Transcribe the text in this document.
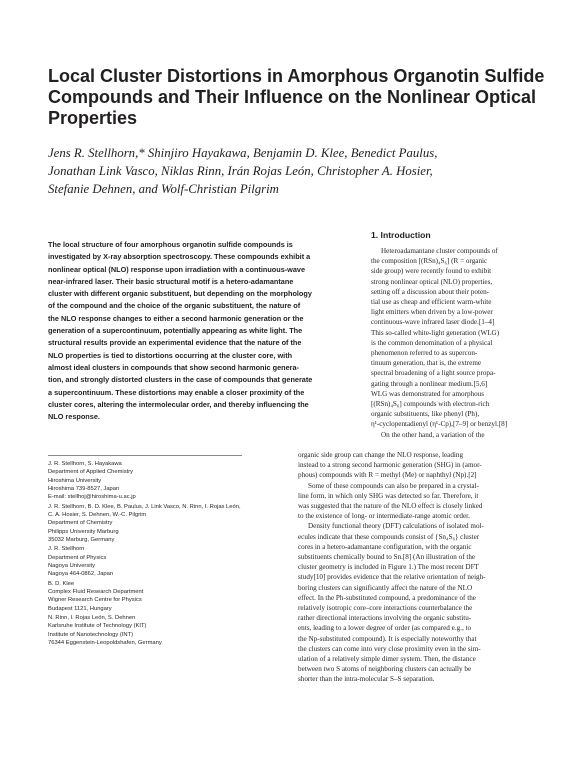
Local Cluster Distortions in Amorphous Organotin Sulfide
Compounds and Their Influence on the Nonlinear Optical
Properties
Jens R. Stellhorn,* Shinjiro Hayakawa, Benjamin D. Klee, Benedict Paulus,
Jonathan Link Vasco, Niklas Rinn, Irán Rojas León, Christopher A. Hosier,
Stefanie Dehnen, and Wolf-Christian Pilgrim
The local structure of four amorphous organotin sulfide compounds is
investigated by X-ray absorption spectroscopy. These compounds exhibit a
nonlinear optical (NLO) response upon irradiation with a continuous-wave
near-infrared laser. Their basic structural motif is a hetero-adamantane
cluster with different organic substituent, but depending on the morphology
of the compound and the choice of the organic substituent, the nature of
the NLO response changes to either a second harmonic generation or the
generation of a supercontinuum, potentially appearing as white light. The
structural results provide an experimental evidence that the nature of the
NLO properties is tied to distortions occurring at the cluster core, with
almost ideal clusters in compounds that show second harmonic genera-
tion, and strongly distorted clusters in the case of compounds that generate
a supercontinuum. These distortions may enable a closer proximity of the
cluster cores, altering the intermolecular order, and thereby influencing the
NLO response.
J. R. Stellhorn, S. Hayakawa
Department of Applied Chemistry
Hiroshima University
Hiroshima 739-8527, Japan
E-mail: stellhoj@hiroshima-u.ac.jp
J. R. Stellhorn, B. D. Klee, B. Paulus, J. Link Vasco, N. Rinn, I. Rojas León,
C. A. Hosier, S. Dehnen, W.-C. Pilgrim
Department of Chemistry
Philipps University Marburg
35032 Marburg, Germany
J. R. Stellhorn
Department of Physics
Nagoya University
Nagoya 464-0862, Japan
B. D. Klee
Complex Fluid Research Department
Wigner Research Centre for Physics
Budapest 1121, Hungary
N. Rinn, I. Rojas León, S. Dehnen
Karlsruhe Institute of Technology (KIT)
Institute of Nanotechnology (INT)
76344 Eggenstein-Leopoldshafen, Germany
1. Introduction
Heteroadamantane cluster compounds of
the composition [(RSn)₄S₆] (R = organic
side group) were recently found to exhibit
strong nonlinear optical (NLO) properties,
setting off a discussion about their poten-
tial use as cheap and efficient warm-white
light emitters when driven by a low-power
continuous-wave infrared laser diode.[1–4]
This so-called white-light generation (WLG)
is the common denomination of a physical
phenomenon referred to as supercon-
tinuum generation, that is, the extreme
spectral broadening of a light source propa-
gating through a nonlinear medium.[5,6]
WLG was demonstrated for amorphous
[(RSn)₄S₆] compounds with electron-rich
organic substituents, like phenyl (Ph),
η¹-cyclopentadienyl (η¹-Cp),[7–9] or benzyl.[8]
On the other hand, a variation of the
organic side group can change the NLO response, leading
instead to a strong second harmonic generation (SHG) in (amor-
phous) compounds with R = methyl (Me) or naphthyl (Np).[2]
Some of these compounds can also be prepared in a crystal-
line form, in which only SHG was detected so far. Therefore, it
was suggested that the nature of the NLO effect is closely linked
to the existence of long- or intermediate-range atomic order.
Density functional theory (DFT) calculations of isolated mol-
ecules indicate that these compounds consist of {Sn₄S₆} cluster
cores in a hetero-adamantane configuration, with the organic
substituents chemically bound to Sn.[8] (An illustration of the
cluster geometry is included in Figure 1.) The most recent DFT
study[10] provides evidence that the relative orientation of neigh-
boring clusters can significantly affect the nature of the NLO
effect. In the Ph-substituted compound, a predominance of the
relatively isotropic core–core interactions counterbalance the
rather directional interactions involving the organic substitu-
ents, leading to a lower degree of order (as compared e.g., to
the Np-substituted compound). It is especially noteworthy that
the clusters can come into very close proximity even in the sim-
ulation of a relatively simple dimer system. Then, the distance
between two S atoms of neighboring clusters can actually be
shorter than the intra-molecular S–S separation.
